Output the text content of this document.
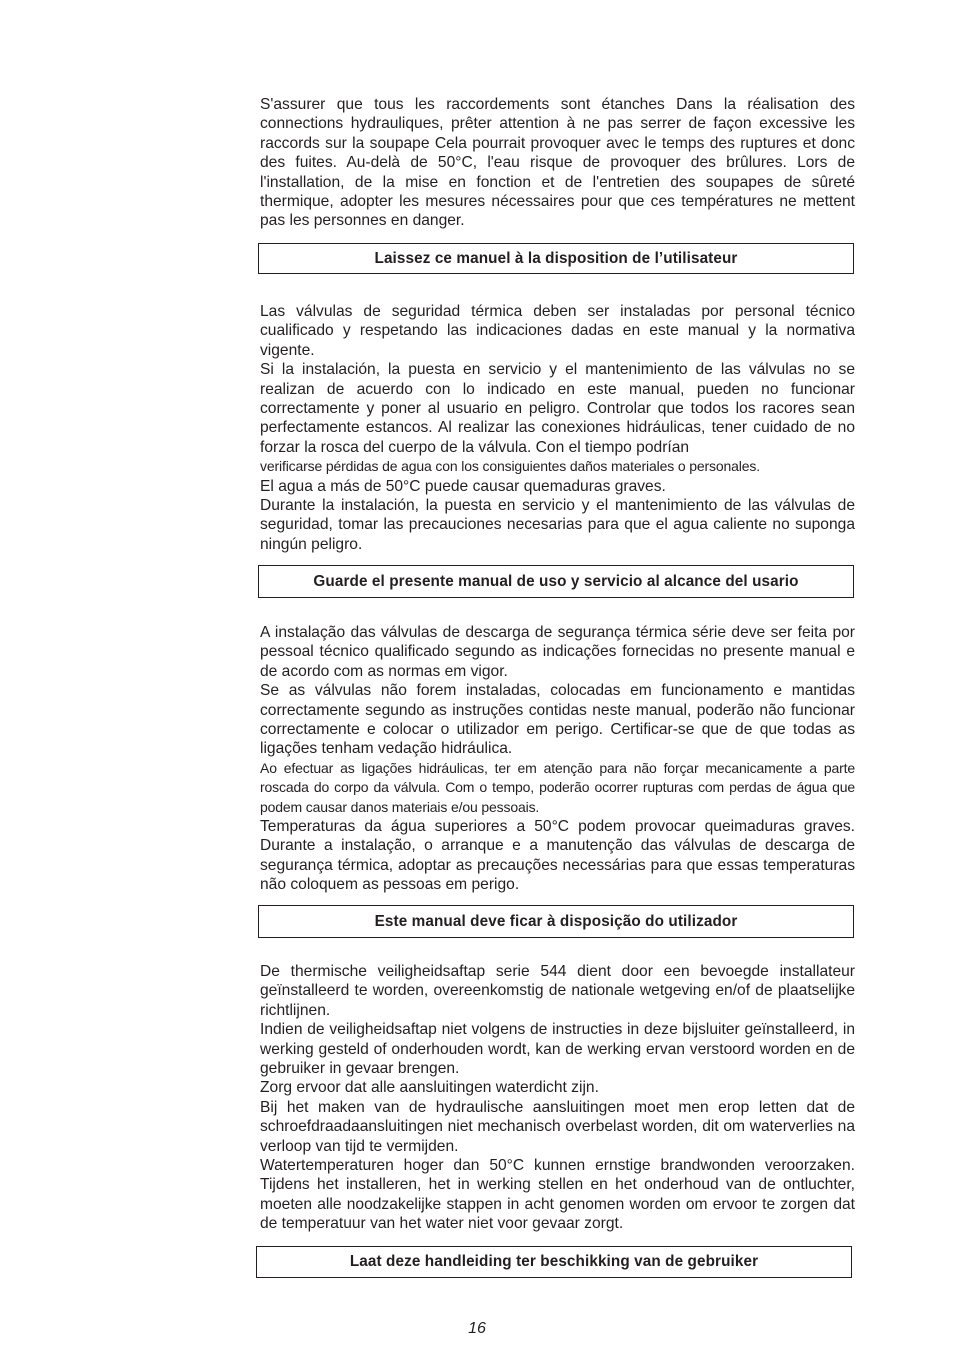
S'assurer que tous les raccordements sont étanches Dans la réalisation des connections hydrauliques, prêter attention à ne pas serrer de façon excessive les raccords sur la soupape Cela pourrait provoquer avec le temps des ruptures et donc des fuites. Au-delà de 50°C, l'eau risque de provoquer des brûlures. Lors de l'installation, de la mise en fonction et de l'entretien des soupapes de sûreté thermique, adopter les mesures nécessaires pour que ces températures ne mettent pas les personnes en danger.

Laissez ce manuel à la disposition de l’utilisateur

Las válvulas de seguridad térmica deben ser instaladas por personal técnico cualificado y respetando las indicaciones dadas en este manual y la normativa vigente.

Si la instalación, la puesta en servicio y el mantenimiento de las válvulas no se realizan de acuerdo con lo indicado en este manual, pueden no funcionar correctamente y poner al usuario en peligro. Controlar que todos los racores sean perfectamente estancos. Al realizar las conexiones hidráulicas, tener cuidado de no forzar la rosca del cuerpo de la válvula. Con el tiempo podrían

verificarse pérdidas de agua con los consiguientes daños materiales o personales.

El agua a más de 50°C puede causar quemaduras graves.

Durante la instalación, la puesta en servicio y el mantenimiento de las válvulas de seguridad, tomar las precauciones necesarias para que el agua caliente no suponga ningún peligro.

Guarde el presente manual de uso y servicio al alcance del usario

A instalação das válvulas de descarga de segurança térmica série deve ser feita por pessoal técnico qualificado segundo as indicações fornecidas no presente manual e de acordo com as normas em vigor.

Se as válvulas não forem instaladas, colocadas em funcionamento e mantidas correctamente segundo as instruções contidas neste manual, poderão não funcionar correctamente e colocar o utilizador em perigo. Certificar-se que de que todas as ligações tenham vedação hidráulica.

Ao efectuar as ligações hidráulicas, ter em atenção para não forçar mecanicamente a parte roscada do corpo da válvula. Com o tempo, poderão ocorrer rupturas com perdas de água que podem causar danos materiais e/ou pessoais.

Temperaturas da água superiores a 50°C podem provocar queimaduras graves. Durante a instalação, o arranque e a manutenção das válvulas de descarga de segurança térmica, adoptar as precauções necessárias para que essas temperaturas não coloquem as pessoas em perigo.

Este manual deve ficar à disposição do utilizador

De thermische veiligheidsaftap serie 544 dient door een bevoegde installateur geïnstalleerd te worden, overeenkomstig de nationale wetgeving en/of de plaatselijke richtlijnen.

Indien de veiligheidsaftap niet volgens de instructies in deze bijsluiter geïnstalleerd, in werking gesteld of onderhouden wordt, kan de werking ervan verstoord worden en de gebruiker in gevaar brengen.

Zorg ervoor dat alle aansluitingen waterdicht zijn.

Bij het maken van de hydraulische aansluitingen moet men erop letten dat de schroefdraadaansluitingen niet mechanisch overbelast worden, dit om waterverlies na verloop van tijd te vermijden.

Watertemperaturen hoger dan 50°C kunnen ernstige brandwonden veroorzaken. Tijdens het installeren, het in werking stellen en het onderhoud van de ontluchter, moeten alle noodzakelijke stappen in acht genomen worden om ervoor te zorgen dat de temperatuur van het water niet voor gevaar zorgt.

Laat deze handleiding ter beschikking van de gebruiker
16
